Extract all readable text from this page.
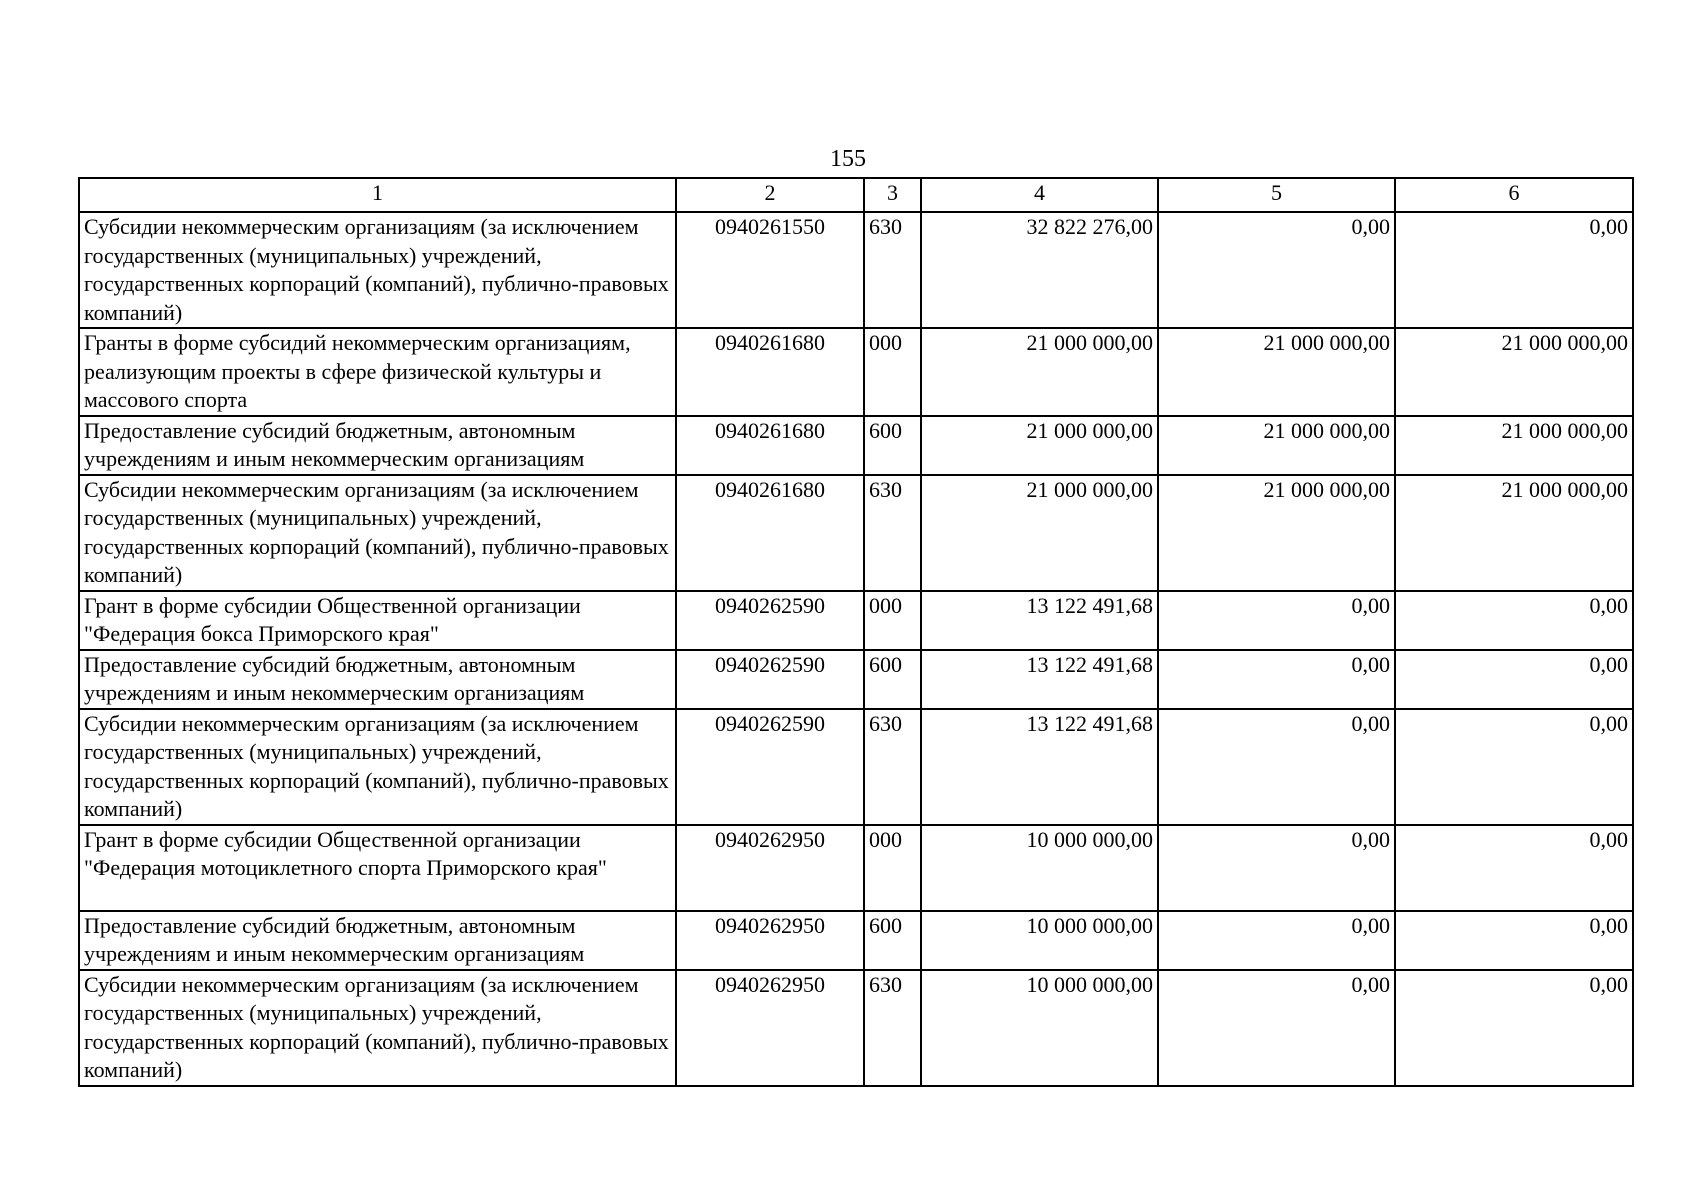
155
1	2	3	4	5	6
Субсидии некоммерческим организациям (за исключением государственных (муниципальных) учреждений, государственных корпораций (компаний), публично-правовых компаний)	0940261550	630	32 822 276,00	0,00	0,00
Гранты в форме субсидий некоммерческим организациям, реализующим проекты в сфере физической культуры и массового спорта	0940261680	000	21 000 000,00	21 000 000,00	21 000 000,00
Предоставление субсидий бюджетным, автономным учреждениям и иным некоммерческим организациям	0940261680	600	21 000 000,00	21 000 000,00	21 000 000,00
Субсидии некоммерческим организациям (за исключением государственных (муниципальных) учреждений, государственных корпораций (компаний), публично-правовых компаний)	0940261680	630	21 000 000,00	21 000 000,00	21 000 000,00
Грант в форме субсидии Общественной организации "Федерация бокса Приморского края"	0940262590	000	13 122 491,68	0,00	0,00
Предоставление субсидий бюджетным, автономным учреждениям и иным некоммерческим организациям	0940262590	600	13 122 491,68	0,00	0,00
Субсидии некоммерческим организациям (за исключением государственных (муниципальных) учреждений, государственных корпораций (компаний), публично-правовых компаний)	0940262590	630	13 122 491,68	0,00	0,00
Грант в форме субсидии Общественной организации "Федерация мотоциклетного спорта Приморского края"	0940262950	000	10 000 000,00	0,00	0,00
Предоставление субсидий бюджетным, автономным учреждениям и иным некоммерческим организациям	0940262950	600	10 000 000,00	0,00	0,00
Субсидии некоммерческим организациям (за исключением государственных (муниципальных) учреждений, государственных корпораций (компаний), публично-правовых компаний)	0940262950	630	10 000 000,00	0,00	0,00
